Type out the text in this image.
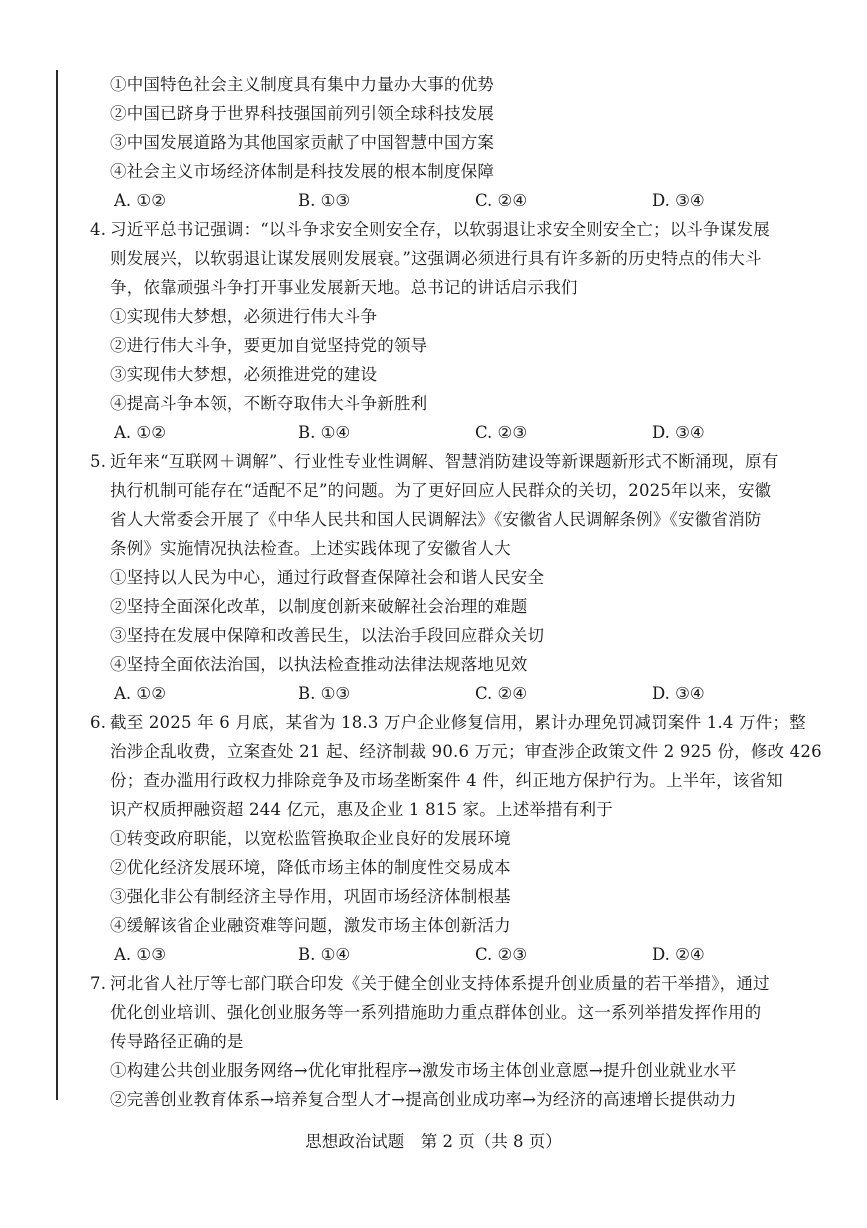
①中国特色社会主义制度具有集中力量办大事的优势
②中国已跻身于世界科技强国前列引领全球科技发展
③中国发展道路为其他国家贡献了中国智慧中国方案
④社会主义市场经济体制是科技发展的根本制度保障
A. ①②	B. ①③	C. ②④	D. ③④
4. 习近平总书记强调：“以斗争求安全则安全存，以软弱退让求安全则安全亡；以斗争谋发展
则发展兴，以软弱退让谋发展则发展衰。”这强调必须进行具有许多新的历史特点的伟大斗
争，依靠顽强斗争打开事业发展新天地。总书记的讲话启示我们
①实现伟大梦想，必须进行伟大斗争
②进行伟大斗争，要更加自觉坚持党的领导
③实现伟大梦想，必须推进党的建设
④提高斗争本领，不断夺取伟大斗争新胜利
A. ①②	B. ①④	C. ②③	D. ③④
5. 近年来“互联网＋调解”、行业性专业性调解、智慧消防建设等新课题新形式不断涌现，原有
执行机制可能存在“适配不足”的问题。为了更好回应人民群众的关切，2025年以来，安徽
省人大常委会开展了《中华人民共和国人民调解法》《安徽省人民调解条例》《安徽省消防
条例》实施情况执法检查。上述实践体现了安徽省人大
①坚持以人民为中心，通过行政督查保障社会和谐人民安全
②坚持全面深化改革，以制度创新来破解社会治理的难题
③坚持在发展中保障和改善民生，以法治手段回应群众关切
④坚持全面依法治国，以执法检查推动法律法规落地见效
A. ①②	B. ①③	C. ②④	D. ③④
6. 截至 2025 年 6 月底，某省为 18.3 万户企业修复信用，累计办理免罚减罚案件 1.4 万件；整
治涉企乱收费，立案查处 21 起、经济制裁 90.6 万元；审查涉企政策文件 2 925 份，修改 426
份；查办滥用行政权力排除竞争及市场垄断案件 4 件，纠正地方保护行为。上半年，该省知
识产权质押融资超 244 亿元，惠及企业 1 815 家。上述举措有利于
①转变政府职能，以宽松监管换取企业良好的发展环境
②优化经济发展环境，降低市场主体的制度性交易成本
③强化非公有制经济主导作用，巩固市场经济体制根基
④缓解该省企业融资难等问题，激发市场主体创新活力
A. ①③	B. ①④	C. ②③	D. ②④
7. 河北省人社厅等七部门联合印发《关于健全创业支持体系提升创业质量的若干举措》，通过
优化创业培训、强化创业服务等一系列措施助力重点群体创业。这一系列举措发挥作用的
传导路径正确的是
①构建公共创业服务网络→优化审批程序→激发市场主体创业意愿→提升创业就业水平
②完善创业教育体系→培养复合型人才→提高创业成功率→为经济的高速增长提供动力
思想政治试题　第 2 页（共 8 页）
